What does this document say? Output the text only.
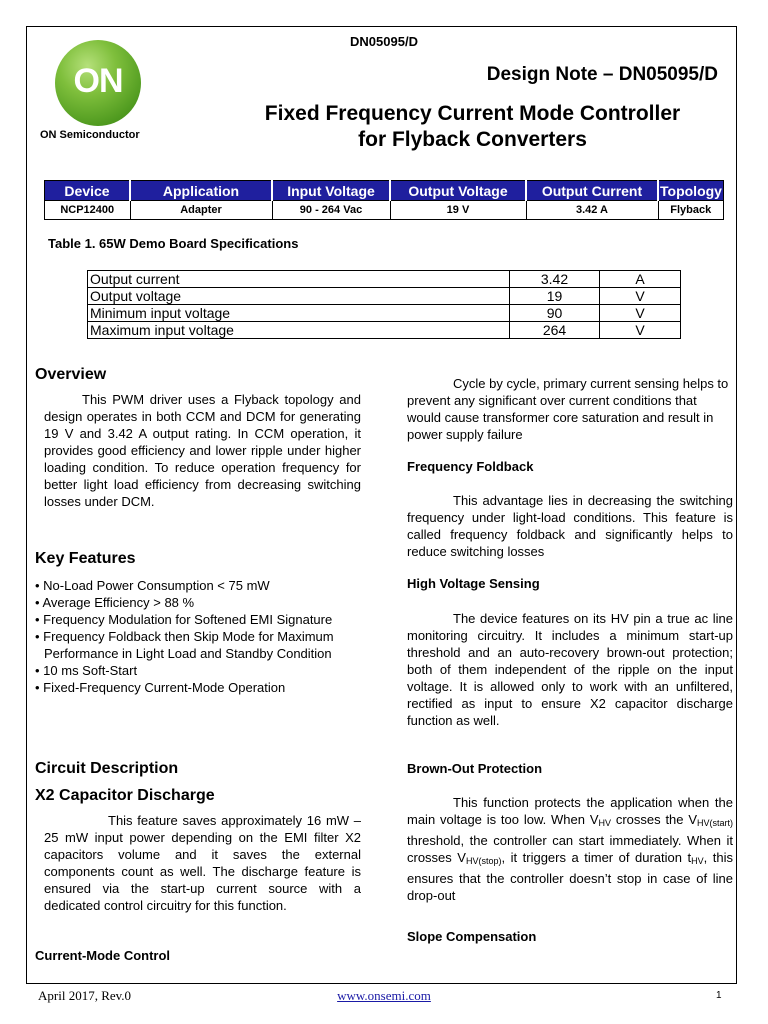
DN05095/D
ON
ON Semiconductor
Design Note – DN05095/D
Fixed Frequency Current Mode Controller
for Flyback Converters
Device	Application	Input Voltage	Output Voltage	Output Current	Topology
NCP12400	Adapter	90 - 264 Vac	19 V	3.42 A	Flyback
Table 1. 65W Demo Board Specifications
Output current	3.42	A
Output voltage	19	V
Minimum input voltage	90	V
Maximum input voltage	264	V
Overview
This PWM driver uses a Flyback topology and design operates in both CCM and DCM for generating 19 V and 3.42 A output rating. In CCM operation, it provides good efficiency and lower ripple under higher loading condition. To reduce operation frequency for better light load efficiency from decreasing switching losses under DCM.
Key Features
• No-Load Power Consumption < 75 mW
• Average Efficiency > 88 %
• Frequency Modulation for Softened EMI Signature
• Frequency Foldback then Skip Mode for Maximum Performance in Light Load and Standby Condition
• 10 ms Soft-Start
• Fixed-Frequency Current-Mode Operation
Circuit Description
X2 Capacitor Discharge
This feature saves approximately 16 mW – 25 mW input power depending on the EMI filter X2 capacitors volume and it saves the external components count as well. The discharge feature is ensured via the start-up current source with a dedicated control circuitry for this function.
Current-Mode Control
Cycle by cycle, primary current sensing helps to prevent any significant over current conditions that would cause transformer core saturation and result in power supply failure
Frequency Foldback
This advantage lies in decreasing the switching frequency under light-load conditions. This feature is called frequency foldback and significantly helps to reduce switching losses
High Voltage Sensing
The device features on its HV pin a true ac line monitoring circuitry. It includes a minimum start-up threshold and an auto-recovery brown-out protection; both of them independent of the ripple on the input voltage. It is allowed only to work with an unfiltered, rectified as input to ensure X2 capacitor discharge function as well.
Brown-Out Protection
This function protects the application when the main voltage is too low. When $V_{HV}$ crosses the $V_{HV(start)}$ threshold, the controller can start immediately. When it crosses $V_{HV(stop)}$, it triggers a timer of duration $t_{HV}$, this ensures that the controller doesn’t stop in case of line drop-out
Slope Compensation
April 2017, Rev.0	www.onsemi.com	1
